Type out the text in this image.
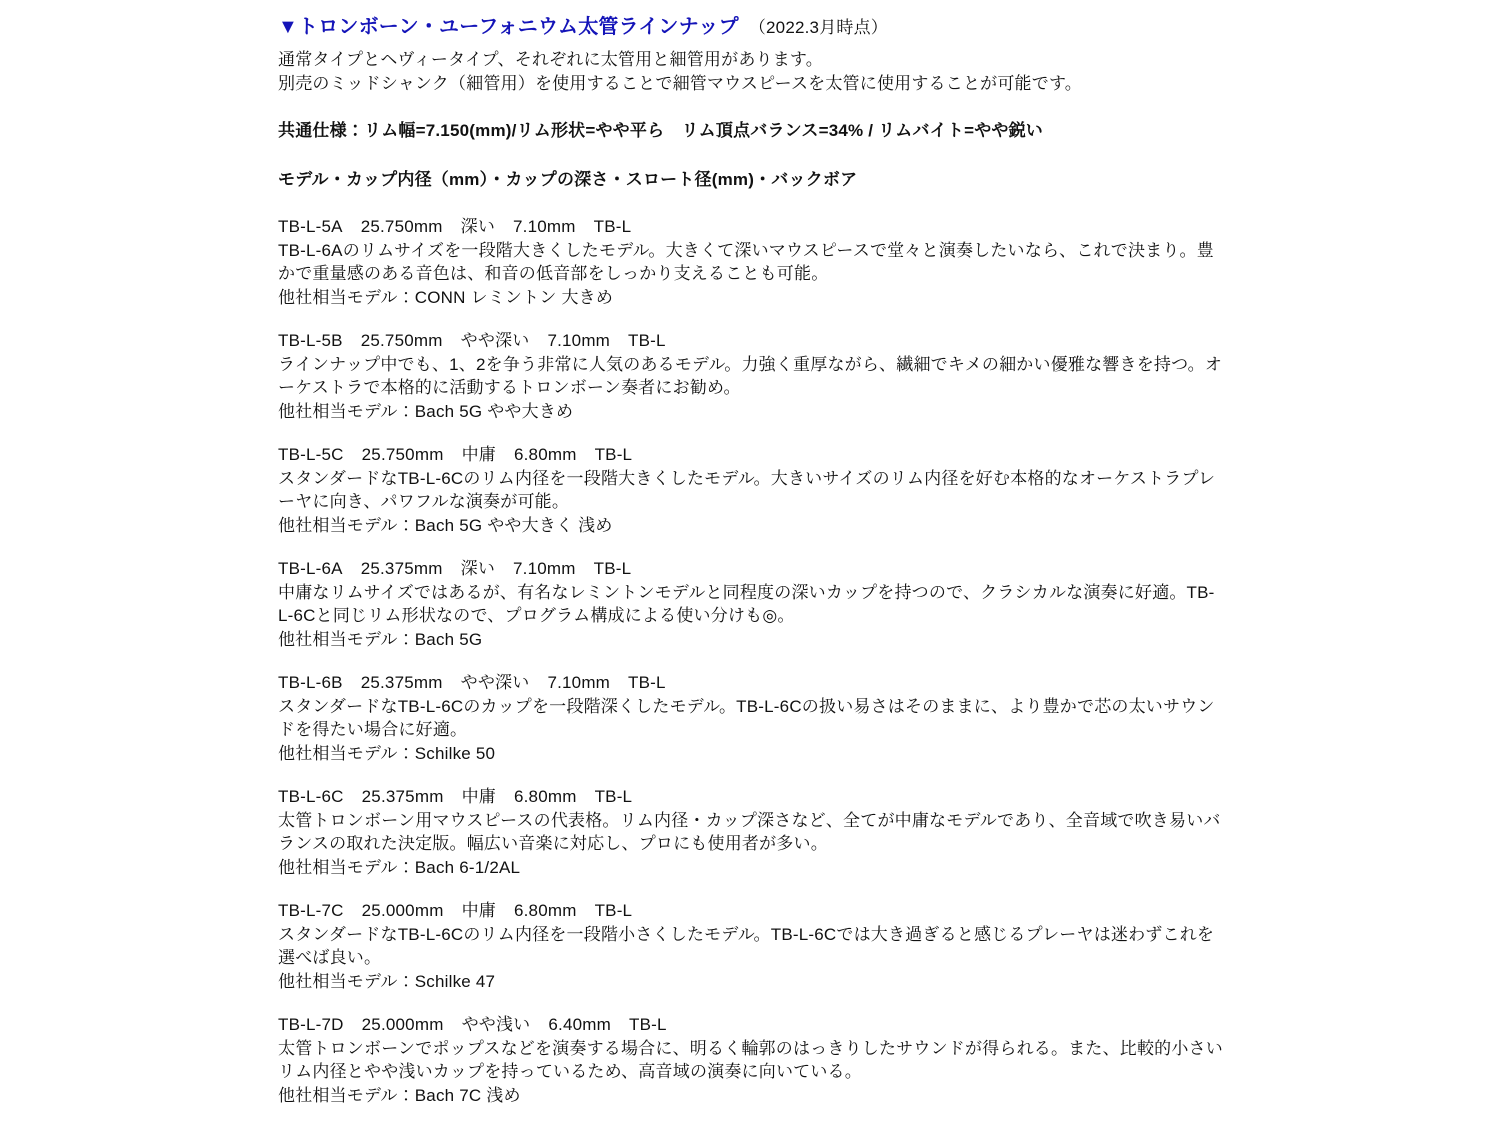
▼トロンボーン・ユーフォニウム太管ラインナップ （2022.3月時点）

通常タイプとヘヴィータイプ、それぞれに太管用と細管用があります。

別売のミッドシャンク（細管用）を使用することで細管マウスピースを太管に使用することが可能です。

共通仕様：リム幅=7.150(mm)/リム形状=やや平ら　リム頂点バランス=34% / リムバイト=やや鋭い

モデル・カップ内径（mm）・カップの深さ・スロート径(mm)・バックボア

TB-L-5A 25.750mm 深い 7.10mm TB-L

TB-L-6Aのリムサイズを一段階大きくしたモデル。大きくて深いマウスピースで堂々と演奏したいなら、これで決まり。豊かで重量感のある音色は、和音の低音部をしっかり支えることも可能。

他社相当モデル：CONN レミントン 大きめ

TB-L-5B 25.750mm やや深い 7.10mm TB-L

ラインナップ中でも、1、2を争う非常に人気のあるモデル。力強く重厚ながら、繊細でキメの細かい優雅な響きを持つ。オーケストラで本格的に活動するトロンボーン奏者にお勧め。

他社相当モデル：Bach 5G やや大きめ

TB-L-5C 25.750mm 中庸 6.80mm TB-L

スタンダードなTB-L-6Cのリム内径を一段階大きくしたモデル。大きいサイズのリム内径を好む本格的なオーケストラプレーヤに向き、パワフルな演奏が可能。

他社相当モデル：Bach 5G やや大きく 浅め

TB-L-6A 25.375mm 深い 7.10mm TB-L

中庸なリムサイズではあるが、有名なレミントンモデルと同程度の深いカップを持つので、クラシカルな演奏に好適。TB-L-6Cと同じリム形状なので、プログラム構成による使い分けも◎。

他社相当モデル：Bach 5G

TB-L-6B 25.375mm やや深い 7.10mm TB-L

スタンダードなTB-L-6Cのカップを一段階深くしたモデル。TB-L-6Cの扱い易さはそのままに、より豊かで芯の太いサウンドを得たい場合に好適。

他社相当モデル：Schilke 50

TB-L-6C 25.375mm 中庸 6.80mm TB-L

太管トロンボーン用マウスピースの代表格。リム内径・カップ深さなど、全てが中庸なモデルであり、全音域で吹き易いバランスの取れた決定版。幅広い音楽に対応し、プロにも使用者が多い。

他社相当モデル：Bach 6-1/2AL

TB-L-7C 25.000mm 中庸 6.80mm TB-L

スタンダードなTB-L-6Cのリム内径を一段階小さくしたモデル。TB-L-6Cでは大き過ぎると感じるプレーヤは迷わずこれを選べば良い。

他社相当モデル：Schilke 47

TB-L-7D 25.000mm やや浅い 6.40mm TB-L

太管トロンボーンでポップスなどを演奏する場合に、明るく輪郭のはっきりしたサウンドが得られる。また、比較的小さいリム内径とやや浅いカップを持っているため、高音域の演奏に向いている。

他社相当モデル：Bach 7C 浅め
